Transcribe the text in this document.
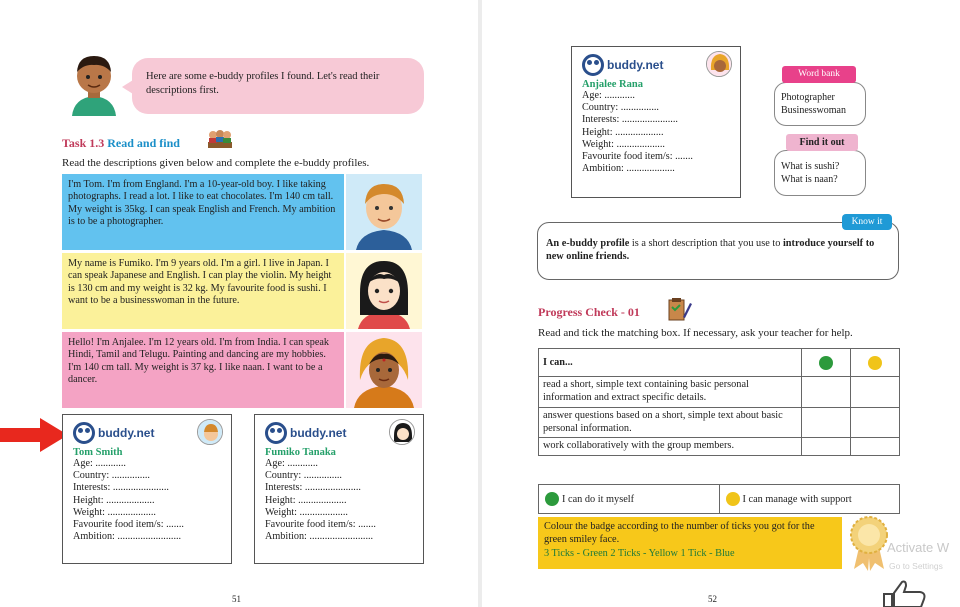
Here are some e-buddy profiles I found. Let's read their descriptions first.
Task 1.3 Read and find
Read the descriptions given below and complete the e-buddy profiles.
I'm Tom. I'm from England. I'm a 10-year-old boy. I like taking photographs. I read a lot. I like to eat chocolates. I'm 140 cm tall. My weight is 35kg. I can speak English and French. My ambition is to be a photographer.
My name is Fumiko. I'm 9 years old. I'm a girl. I live in Japan. I can speak Japanese and English. I can play the violin. My height is 130 cm and my weight is 32 kg. My favourite food is sushi. I want to be a businesswoman in the future.
Hello! I'm Anjalee. I'm 12 years old. I'm from India. I can speak Hindi, Tamil and Telugu. Painting and dancing are my hobbies. I'm 140 cm tall. My weight is 37 kg. I like naan. I want to be a dancer.
buddy.net
Tom Smith
Age: ............
Country: ...............
Interests: ......................
Height: ...................
Weight: ...................
Favourite food item/s: .......
Ambition: .........................
buddy.net
Fumiko Tanaka
Age: ............
Country: ...............
Interests: ......................
Height: ...................
Weight: ...................
Favourite food item/s: .......
Ambition: .........................
51
buddy.net
Anjalee Rana
Age: ............
Country: ...............
Interests: ......................
Height: ...................
Weight: ...................
Favourite food item/s: .......
Ambition: ...................
Photographer
Businesswoman
Word bank
What is sushi?
What is naan?
Find it out
An e-buddy profile is a short description that you use to introduce yourself to new online friends.
Know it
Progress Check - 01
Read and tick the matching box. If necessary, ask your teacher for help.
I can...		
read a short, simple text containing basic personal information and extract specific details.		
answer questions based on a short, simple text about basic personal information.		
work collaboratively with the group members.		
I can do it myself	I can manage with support
Colour the badge according to the number of ticks you got for the green smiley face.
3 Ticks - Green 2 Ticks - Yellow 1 Tick - Blue
52
Activate W
Go to Settings
